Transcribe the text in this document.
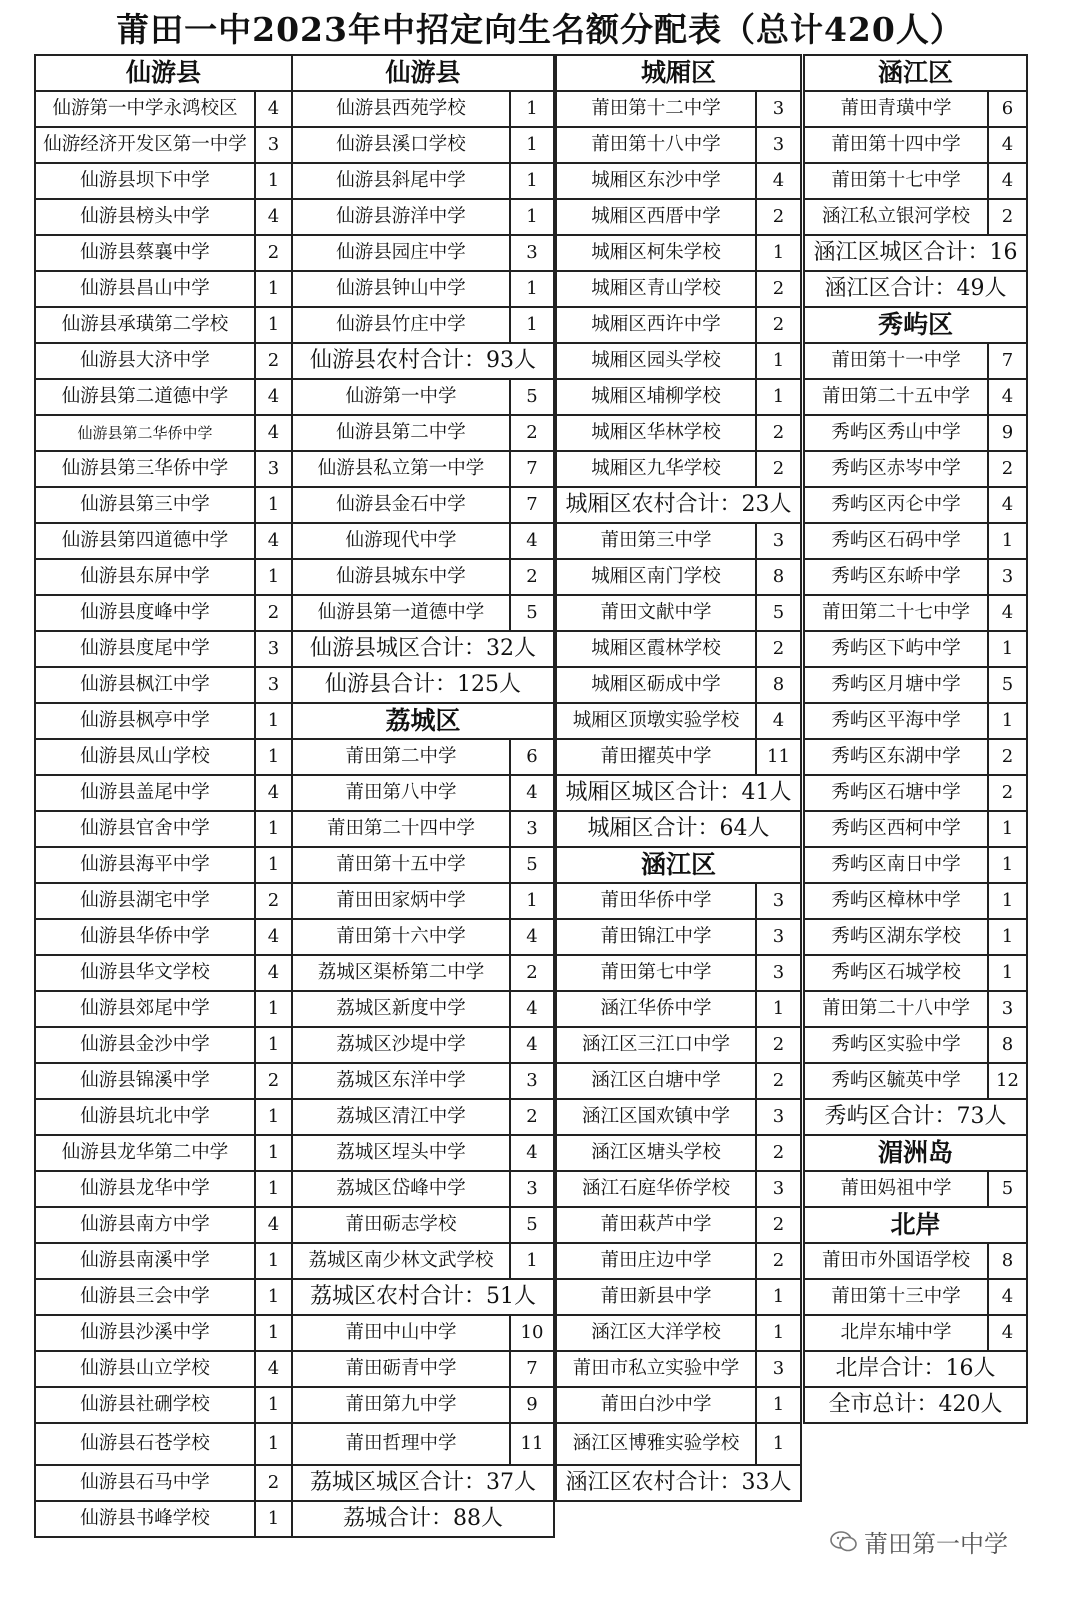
莆田一中2023年中招定向生名额分配表（总计420人）
仙游县	
仙游第一中学永鸿校区	4
仙游经济开发区第一中学	3
仙游县坝下中学	1
仙游县榜头中学	4
仙游县蔡襄中学	2
仙游县昌山中学	1
仙游县承璜第二学校	1
仙游县大济中学	2
仙游县第二道德中学	4
仙游县第二华侨中学	4
仙游县第三华侨中学	3
仙游县第三中学	1
仙游县第四道德中学	4
仙游县东屏中学	1
仙游县度峰中学	2
仙游县度尾中学	3
仙游县枫江中学	3
仙游县枫亭中学	1
仙游县凤山学校	1
仙游县盖尾中学	4
仙游县官舍中学	1
仙游县海平中学	1
仙游县湖宅中学	2
仙游县华侨中学	4
仙游县华文学校	4
仙游县郊尾中学	1
仙游县金沙中学	1
仙游县锦溪中学	2
仙游县坑北中学	1
仙游县龙华第二中学	1
仙游县龙华中学	1
仙游县南方中学	4
仙游县南溪中学	1
仙游县三会中学	1
仙游县沙溪中学	1
仙游县山立学校	4
仙游县社硎学校	1
仙游县石苍学校	1
仙游县石马中学	2
仙游县书峰学校	1
仙游县	
仙游县西苑学校	1
仙游县溪口学校	1
仙游县斜尾中学	1
仙游县游洋中学	1
仙游县园庄中学	3
仙游县钟山中学	1
仙游县竹庄中学	1
仙游县农村合计：93人	
仙游第一中学	5
仙游县第二中学	2
仙游县私立第一中学	7
仙游县金石中学	7
仙游现代中学	4
仙游县城东中学	2
仙游县第一道德中学	5
仙游县城区合计：32人	
仙游县合计：125人	
荔城区	
莆田第二中学	6
莆田第八中学	4
莆田第二十四中学	3
莆田第十五中学	5
莆田田家炳中学	1
莆田第十六中学	4
荔城区渠桥第二中学	2
荔城区新度中学	4
荔城区沙堤中学	4
荔城区东洋中学	3
荔城区清江中学	2
荔城区埕头中学	4
荔城区岱峰中学	3
莆田砺志学校	5
荔城区南少林文武学校	1
荔城区农村合计：51人	
莆田中山中学	10
莆田砺青中学	7
莆田第九中学	9
莆田哲理中学	11
荔城区城区合计：37人	
荔城合计：88人	
城厢区	
莆田第十二中学	3
莆田第十八中学	3
城厢区东沙中学	4
城厢区西厝中学	2
城厢区柯朱学校	1
城厢区青山学校	2
城厢区西许中学	2
城厢区园头学校	1
城厢区埔柳学校	1
城厢区华林学校	2
城厢区九华学校	2
城厢区农村合计：23人	
莆田第三中学	3
城厢区南门学校	8
莆田文献中学	5
城厢区霞林学校	2
城厢区砺成中学	8
城厢区顶墩实验学校	4
莆田擢英中学	11
城厢区城区合计：41人	
城厢区合计：64人	
涵江区	
莆田华侨中学	3
莆田锦江中学	3
莆田第七中学	3
涵江华侨中学	1
涵江区三江口中学	2
涵江区白塘中学	2
涵江区国欢镇中学	3
涵江区塘头学校	2
涵江石庭华侨学校	3
莆田萩芦中学	2
莆田庄边中学	2
莆田新县中学	1
涵江区大洋学校	1
莆田市私立实验中学	3
莆田白沙中学	1
涵江区博雅实验学校	1
涵江区农村合计：33人	
涵江区	
莆田青璜中学	6
莆田第十四中学	4
莆田第十七中学	4
涵江私立银河学校	2
涵江区城区合计：16	
涵江区合计：49人	
秀屿区	
莆田第十一中学	7
莆田第二十五中学	4
秀屿区秀山中学	9
秀屿区赤岑中学	2
秀屿区丙仑中学	4
秀屿区石码中学	1
秀屿区东峤中学	3
莆田第二十七中学	4
秀屿区下屿中学	1
秀屿区月塘中学	5
秀屿区平海中学	1
秀屿区东湖中学	2
秀屿区石塘中学	2
秀屿区西柯中学	1
秀屿区南日中学	1
秀屿区樟林中学	1
秀屿区湖东学校	1
秀屿区石城学校	1
莆田第二十八中学	3
秀屿区实验中学	8
秀屿区毓英中学	12
秀屿区合计：73人	
湄洲岛	
莆田妈祖中学	5
北岸	
莆田市外国语学校	8
莆田第十三中学	4
北岸东埔中学	4
北岸合计：16人	
全市总计：420人	
莆田第一中学
